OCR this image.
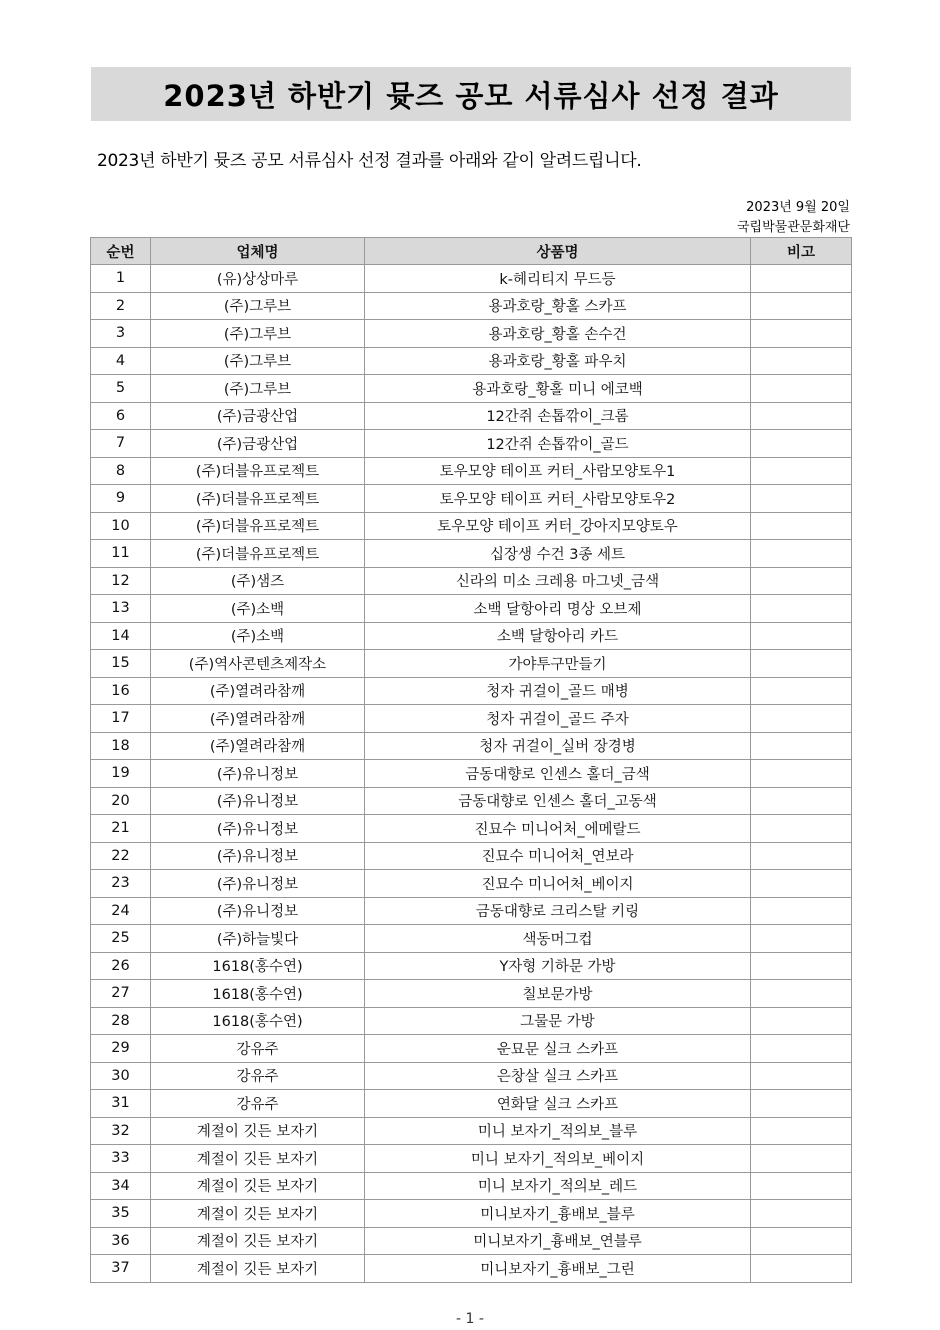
2023년 하반기 뮷즈 공모 서류심사 선정 결과

2023년 하반기 뮷즈 공모 서류심사 선정 결과를 아래와 같이 알려드립니다.

2023년 9월 20일
국립박물관문화재단
순번	업체명	상품명	비고
1	(유)상상마루	k-헤리티지 무드등	
2	(주)그루브	용과호랑_황홀 스카프	
3	(주)그루브	용과호랑_황홀 손수건	
4	(주)그루브	용과호랑_황홀 파우치	
5	(주)그루브	용과호랑_황홀 미니 에코백	
6	(주)금광산업	12간쥐 손톱깎이_크롬	
7	(주)금광산업	12간쥐 손톱깎이_골드	
8	(주)더블유프로젝트	토우모양 테이프 커터_사람모양토우1	
9	(주)더블유프로젝트	토우모양 테이프 커터_사람모양토우2	
10	(주)더블유프로젝트	토우모양 테이프 커터_강아지모양토우	
11	(주)더블유프로젝트	십장생 수건 3종 세트	
12	(주)샘즈	신라의 미소 크레용 마그넷_금색	
13	(주)소백	소백 달항아리 명상 오브제	
14	(주)소백	소백 달항아리 카드	
15	(주)역사콘텐츠제작소	가야투구만들기	
16	(주)열려라참깨	청자 귀걸이_골드 매병	
17	(주)열려라참깨	청자 귀걸이_골드 주자	
18	(주)열려라참깨	청자 귀걸이_실버 장경병	
19	(주)유니정보	금동대향로 인센스 홀더_금색	
20	(주)유니정보	금동대향로 인센스 홀더_고동색	
21	(주)유니정보	진묘수 미니어처_에메랄드	
22	(주)유니정보	진묘수 미니어처_연보라	
23	(주)유니정보	진묘수 미니어처_베이지	
24	(주)유니정보	금동대향로 크리스탈 키링	
25	(주)하늘빛다	색동머그컵	
26	1618(홍수연)	Y자형 기하문 가방	
27	1618(홍수연)	칠보문가방	
28	1618(홍수연)	그물문 가방	
29	강유주	운묘문 실크 스카프	
30	강유주	은창살 실크 스카프	
31	강유주	연화달 실크 스카프	
32	계절이 깃든 보자기	미니 보자기_적의보_블루	
33	계절이 깃든 보자기	미니 보자기_적의보_베이지	
34	계절이 깃든 보자기	미니 보자기_적의보_레드	
35	계절이 깃든 보자기	미니보자기_흉배보_블루	
36	계절이 깃든 보자기	미니보자기_흉배보_연블루	
37	계절이 깃든 보자기	미니보자기_흉배보_그린	
- 1 -
